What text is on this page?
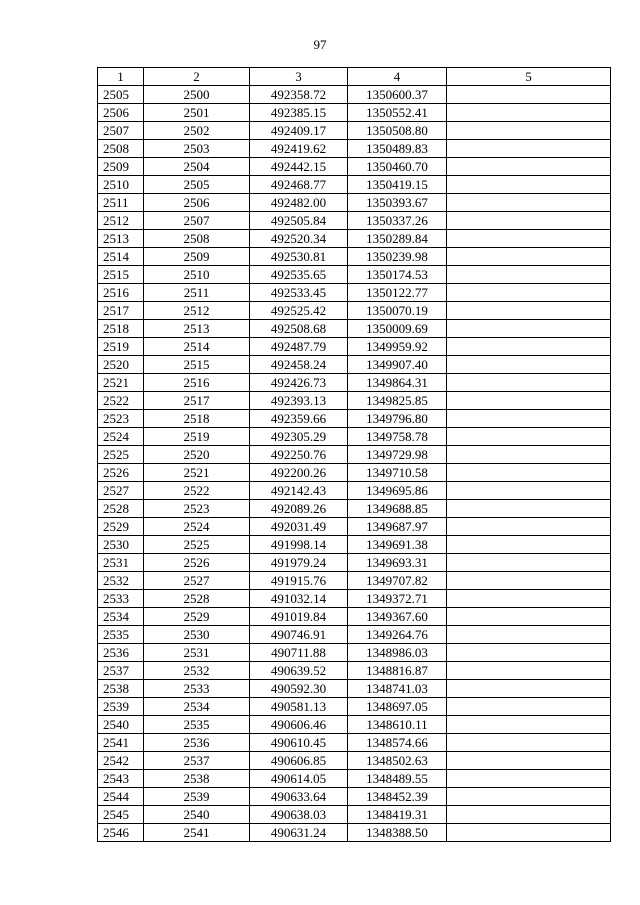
97
1	2	3	4	5
2505	2500	492358.72	1350600.37	
2506	2501	492385.15	1350552.41	
2507	2502	492409.17	1350508.80	
2508	2503	492419.62	1350489.83	
2509	2504	492442.15	1350460.70	
2510	2505	492468.77	1350419.15	
2511	2506	492482.00	1350393.67	
2512	2507	492505.84	1350337.26	
2513	2508	492520.34	1350289.84	
2514	2509	492530.81	1350239.98	
2515	2510	492535.65	1350174.53	
2516	2511	492533.45	1350122.77	
2517	2512	492525.42	1350070.19	
2518	2513	492508.68	1350009.69	
2519	2514	492487.79	1349959.92	
2520	2515	492458.24	1349907.40	
2521	2516	492426.73	1349864.31	
2522	2517	492393.13	1349825.85	
2523	2518	492359.66	1349796.80	
2524	2519	492305.29	1349758.78	
2525	2520	492250.76	1349729.98	
2526	2521	492200.26	1349710.58	
2527	2522	492142.43	1349695.86	
2528	2523	492089.26	1349688.85	
2529	2524	492031.49	1349687.97	
2530	2525	491998.14	1349691.38	
2531	2526	491979.24	1349693.31	
2532	2527	491915.76	1349707.82	
2533	2528	491032.14	1349372.71	
2534	2529	491019.84	1349367.60	
2535	2530	490746.91	1349264.76	
2536	2531	490711.88	1348986.03	
2537	2532	490639.52	1348816.87	
2538	2533	490592.30	1348741.03	
2539	2534	490581.13	1348697.05	
2540	2535	490606.46	1348610.11	
2541	2536	490610.45	1348574.66	
2542	2537	490606.85	1348502.63	
2543	2538	490614.05	1348489.55	
2544	2539	490633.64	1348452.39	
2545	2540	490638.03	1348419.31	
2546	2541	490631.24	1348388.50	
